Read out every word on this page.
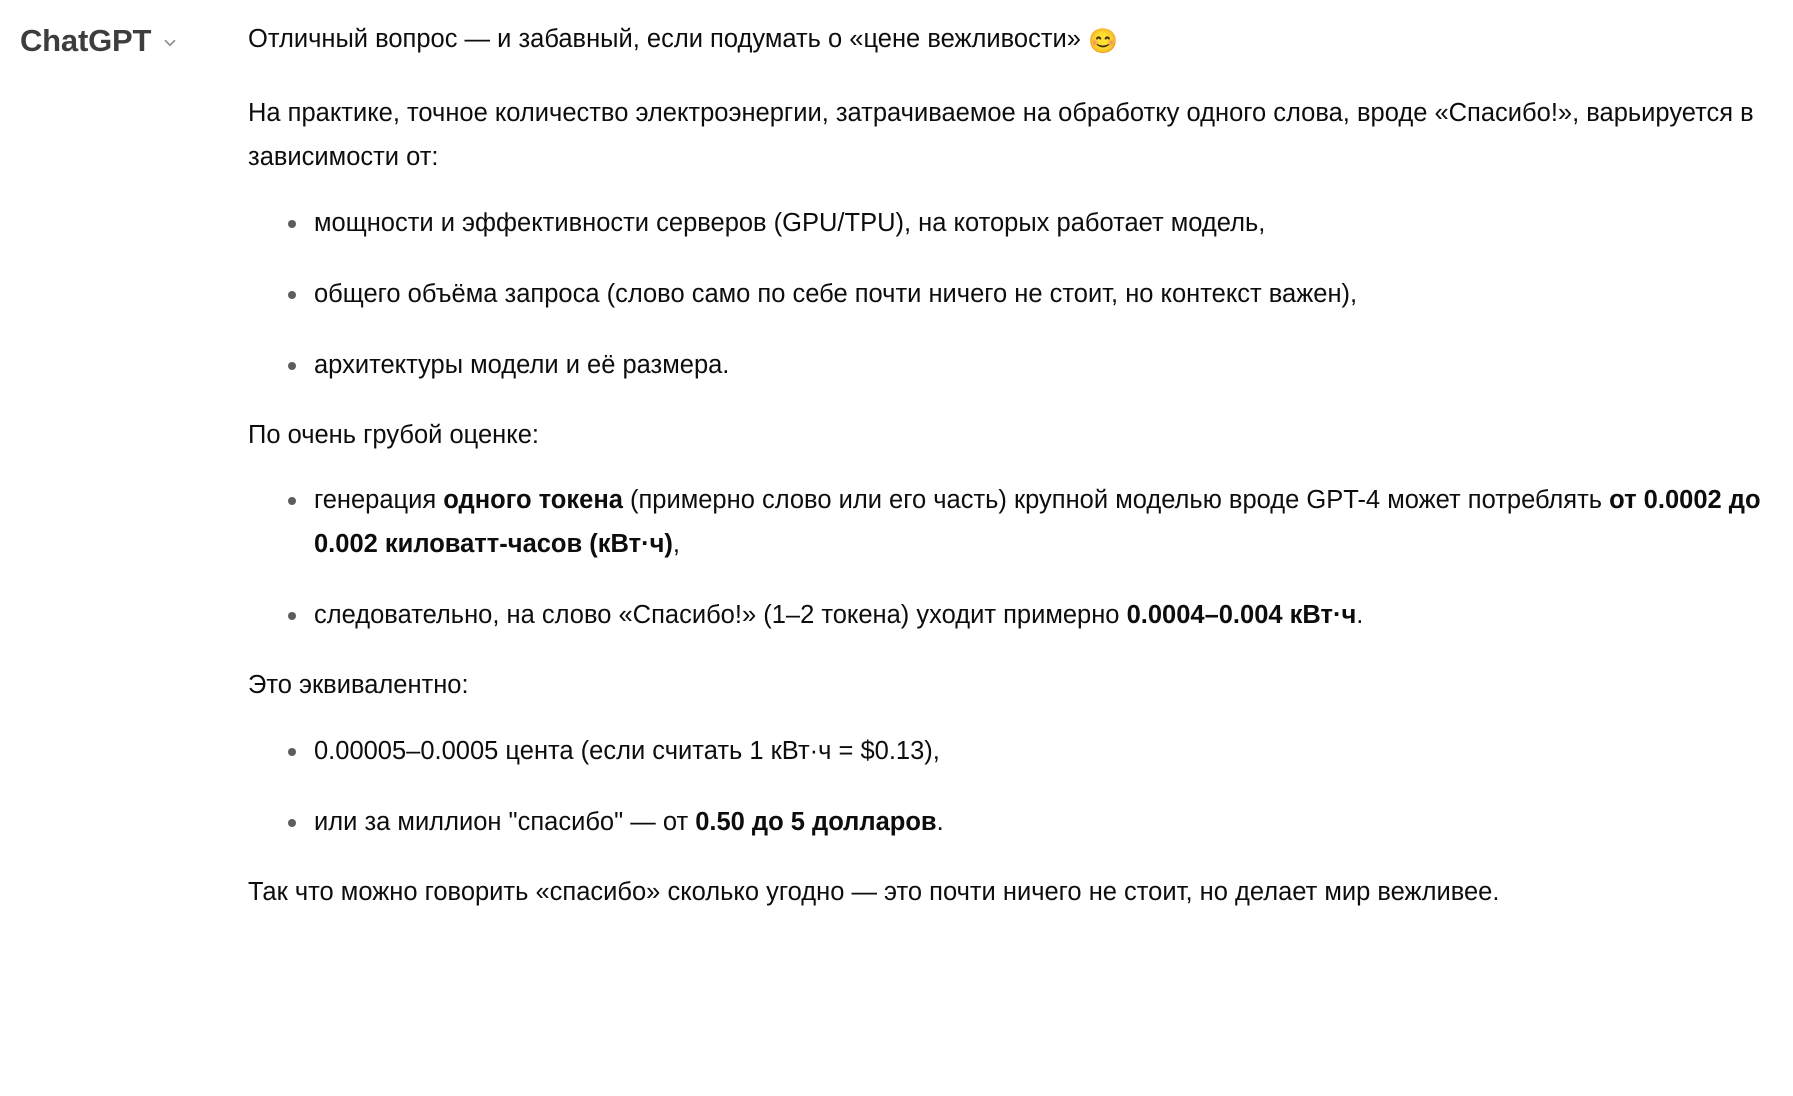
ChatGPT	Отличный вопрос — и забавный, если подумать о «цене вежливости» 😊

На практике, точное количество электроэнергии, затрачиваемое на обработку одного слова, вроде «Спасибо!», варьируется в зависимости от:

мощности и эффективности серверов (GPU/TPU), на которых работает модель,
общего объёма запроса (слово само по себе почти ничего не стоит, но контекст важен),
архитектуры модели и её размера.

По очень грубой оценке:

генерация одного токена (примерно слово или его часть) крупной моделью вроде GPT-4 может потреблять от 0.0002 до 0.002 киловатт-часов (кВт·ч),
следовательно, на слово «Спасибо!» (1–2 токена) уходит примерно 0.0004–0.004 кВт·ч.

Это эквивалентно:

0.00005–0.0005 цента (если считать 1 кВт·ч = $0.13),
или за миллион "спасибо" — от 0.50 до 5 долларов.

Так что можно говорить «спасибо» сколько угодно — это почти ничего не стоит, но делает мир вежливее.
